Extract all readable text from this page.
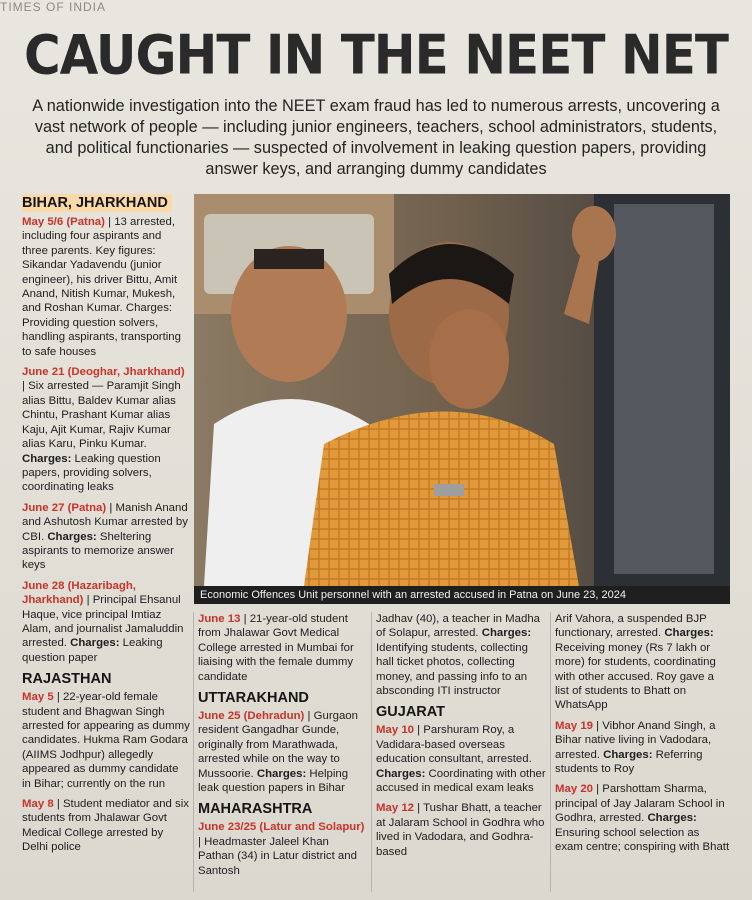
TIMES OF INDIA
CAUGHT IN THE NEET NET
A nationwide investigation into the NEET exam fraud has led to numerous arrests, uncovering a vast network of people — including junior engineers, teachers, school administrators, students, and political functionaries — suspected of involvement in leaking question papers, providing answer keys, and arranging dummy candidates
BIHAR, JHARKHAND
May 5/6 (Patna) | 13 arrested, including four aspirants and three parents. Key figures: Sikandar Yadavendu (junior engineer), his driver Bittu, Amit Anand, Nitish Kumar, Mukesh, and Roshan Kumar. Charges: Providing question solvers, handling aspirants, transporting to safe houses
June 21 (Deoghar, Jharkhand) | Six arrested — Paramjit Singh alias Bittu, Baldev Kumar alias Chintu, Prashant Kumar alias Kaju, Ajit Kumar, Rajiv Kumar alias Karu, Pinku Kumar. Charges: Leaking question papers, providing solvers, coordinating leaks
June 27 (Patna) | Manish Anand and Ashutosh Kumar arrested by CBI. Charges: Sheltering aspirants to memorize answer keys
June 28 (Hazaribagh, Jharkhand) | Principal Ehsanul Haque, vice principal Imtiaz Alam, and journalist Jamaluddin arrested. Charges: Leaking question paper
RAJASTHAN
May 5 | 22-year-old female student and Bhagwan Singh arrested for appearing as dummy candidates. Hukma Ram Godara (AIIMS Jodhpur) allegedly appeared as dummy candidate in Bihar; currently on the run
May 8 | Student mediator and six students from Jhalawar Govt Medical College arrested by Delhi police
Economic Offences Unit personnel with an arrested accused in Patna on June 23, 2024
June 13 | 21-year-old student from Jhalawar Govt Medical College arrested in Mumbai for liaising with the female dummy candidate
UTTARAKHAND
June 25 (Dehradun) | Gurgaon resident Gangadhar Gunde, originally from Marathwada, arrested while on the way to Mussoorie. Charges: Helping leak question papers in Bihar
MAHARASHTRA
June 23/25 (Latur and Solapur) | Headmaster Jaleel Khan Pathan (34) in Latur district and Santosh
Jadhav (40), a teacher in Madha of Solapur, arrested. Charges: Identifying students, collecting hall ticket photos, collecting money, and passing info to an absconding ITI instructor
GUJARAT
May 10 | Parshuram Roy, a Vadidara-based overseas education consultant, arrested. Charges: Coordinating with other accused in medical exam leaks
May 12 | Tushar Bhatt, a teacher at Jalaram School in Godhra who lived in Vadodara, and Godhra-based
Arif Vahora, a suspended BJP functionary, arrested. Charges: Receiving money (Rs 7 lakh or more) for students, coordinating with other accused. Roy gave a list of students to Bhatt on WhatsApp
May 19 | Vibhor Anand Singh, a Bihar native living in Vadodara, arrested. Charges: Referring students to Roy
May 20 | Parshottam Sharma, principal of Jay Jalaram School in Godhra, arrested. Charges: Ensuring school selection as exam centre; conspiring with Bhatt
